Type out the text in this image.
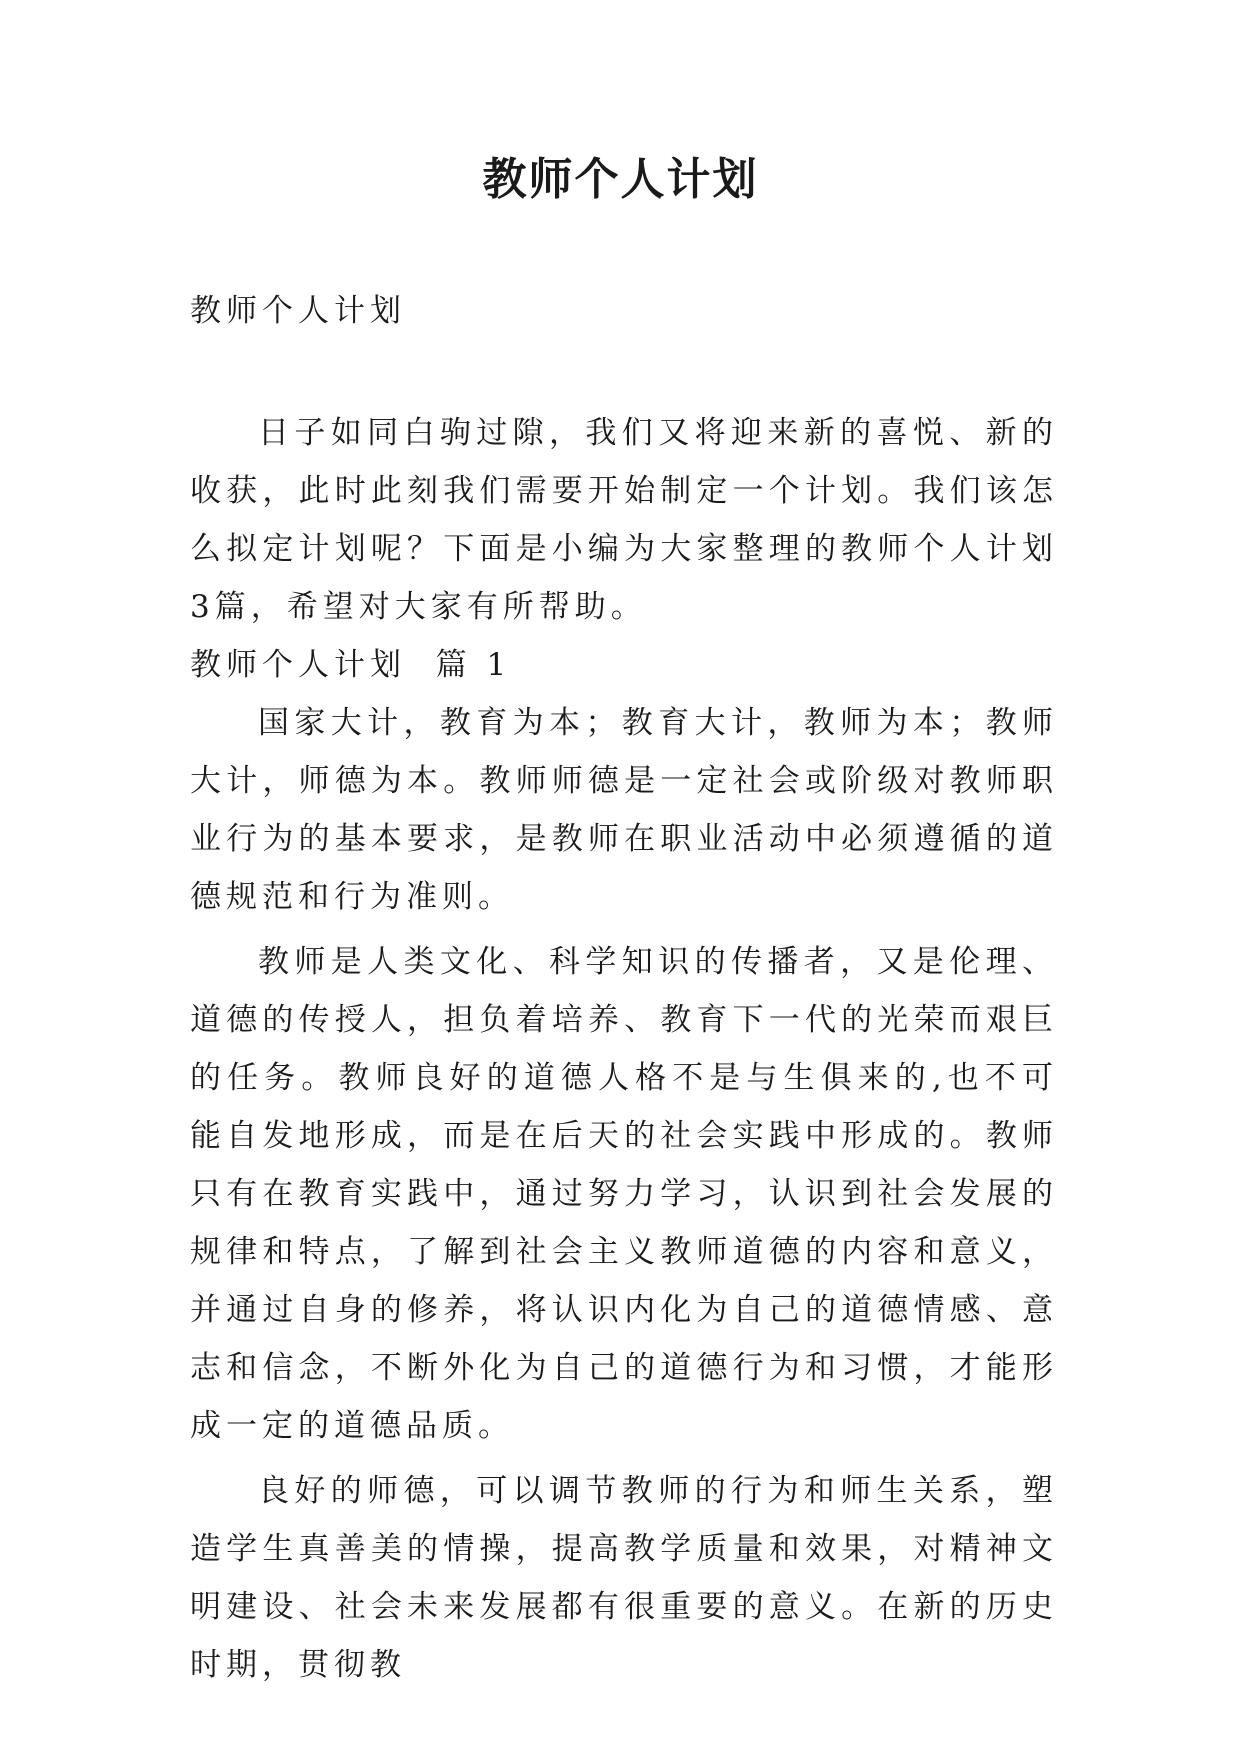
教师个人计划

教师个人计划

日子如同白驹过隙，我们又将迎来新的喜悦、新的收获，此时此刻我们需要开始制定一个计划。我们该怎么拟定计划呢？下面是小编为大家整理的教师个人计划3篇，希望对大家有所帮助。

教师个人计划  篇 1

国家大计，教育为本；教育大计，教师为本；教师大计，师德为本。教师师德是一定社会或阶级对教师职业行为的基本要求，是教师在职业活动中必须遵循的道德规范和行为准则。

教师是人类文化、科学知识的传播者，又是伦理、道德的传授人，担负着培养、教育下一代的光荣而艰巨的任务。教师良好的道德人格不是与生俱来的,也不可能自发地形成，而是在后天的社会实践中形成的。教师只有在教育实践中，通过努力学习，认识到社会发展的规律和特点，了解到社会主义教师道德的内容和意义，并通过自身的修养，将认识内化为自己的道德情感、意志和信念，不断外化为自己的道德行为和习惯，才能形成一定的道德品质。

良好的师德，可以调节教师的行为和师生关系，塑造学生真善美的情操，提高教学质量和效果，对精神文明建设、社会未来发展都有很重要的意义。在新的历史时期，贯彻教
